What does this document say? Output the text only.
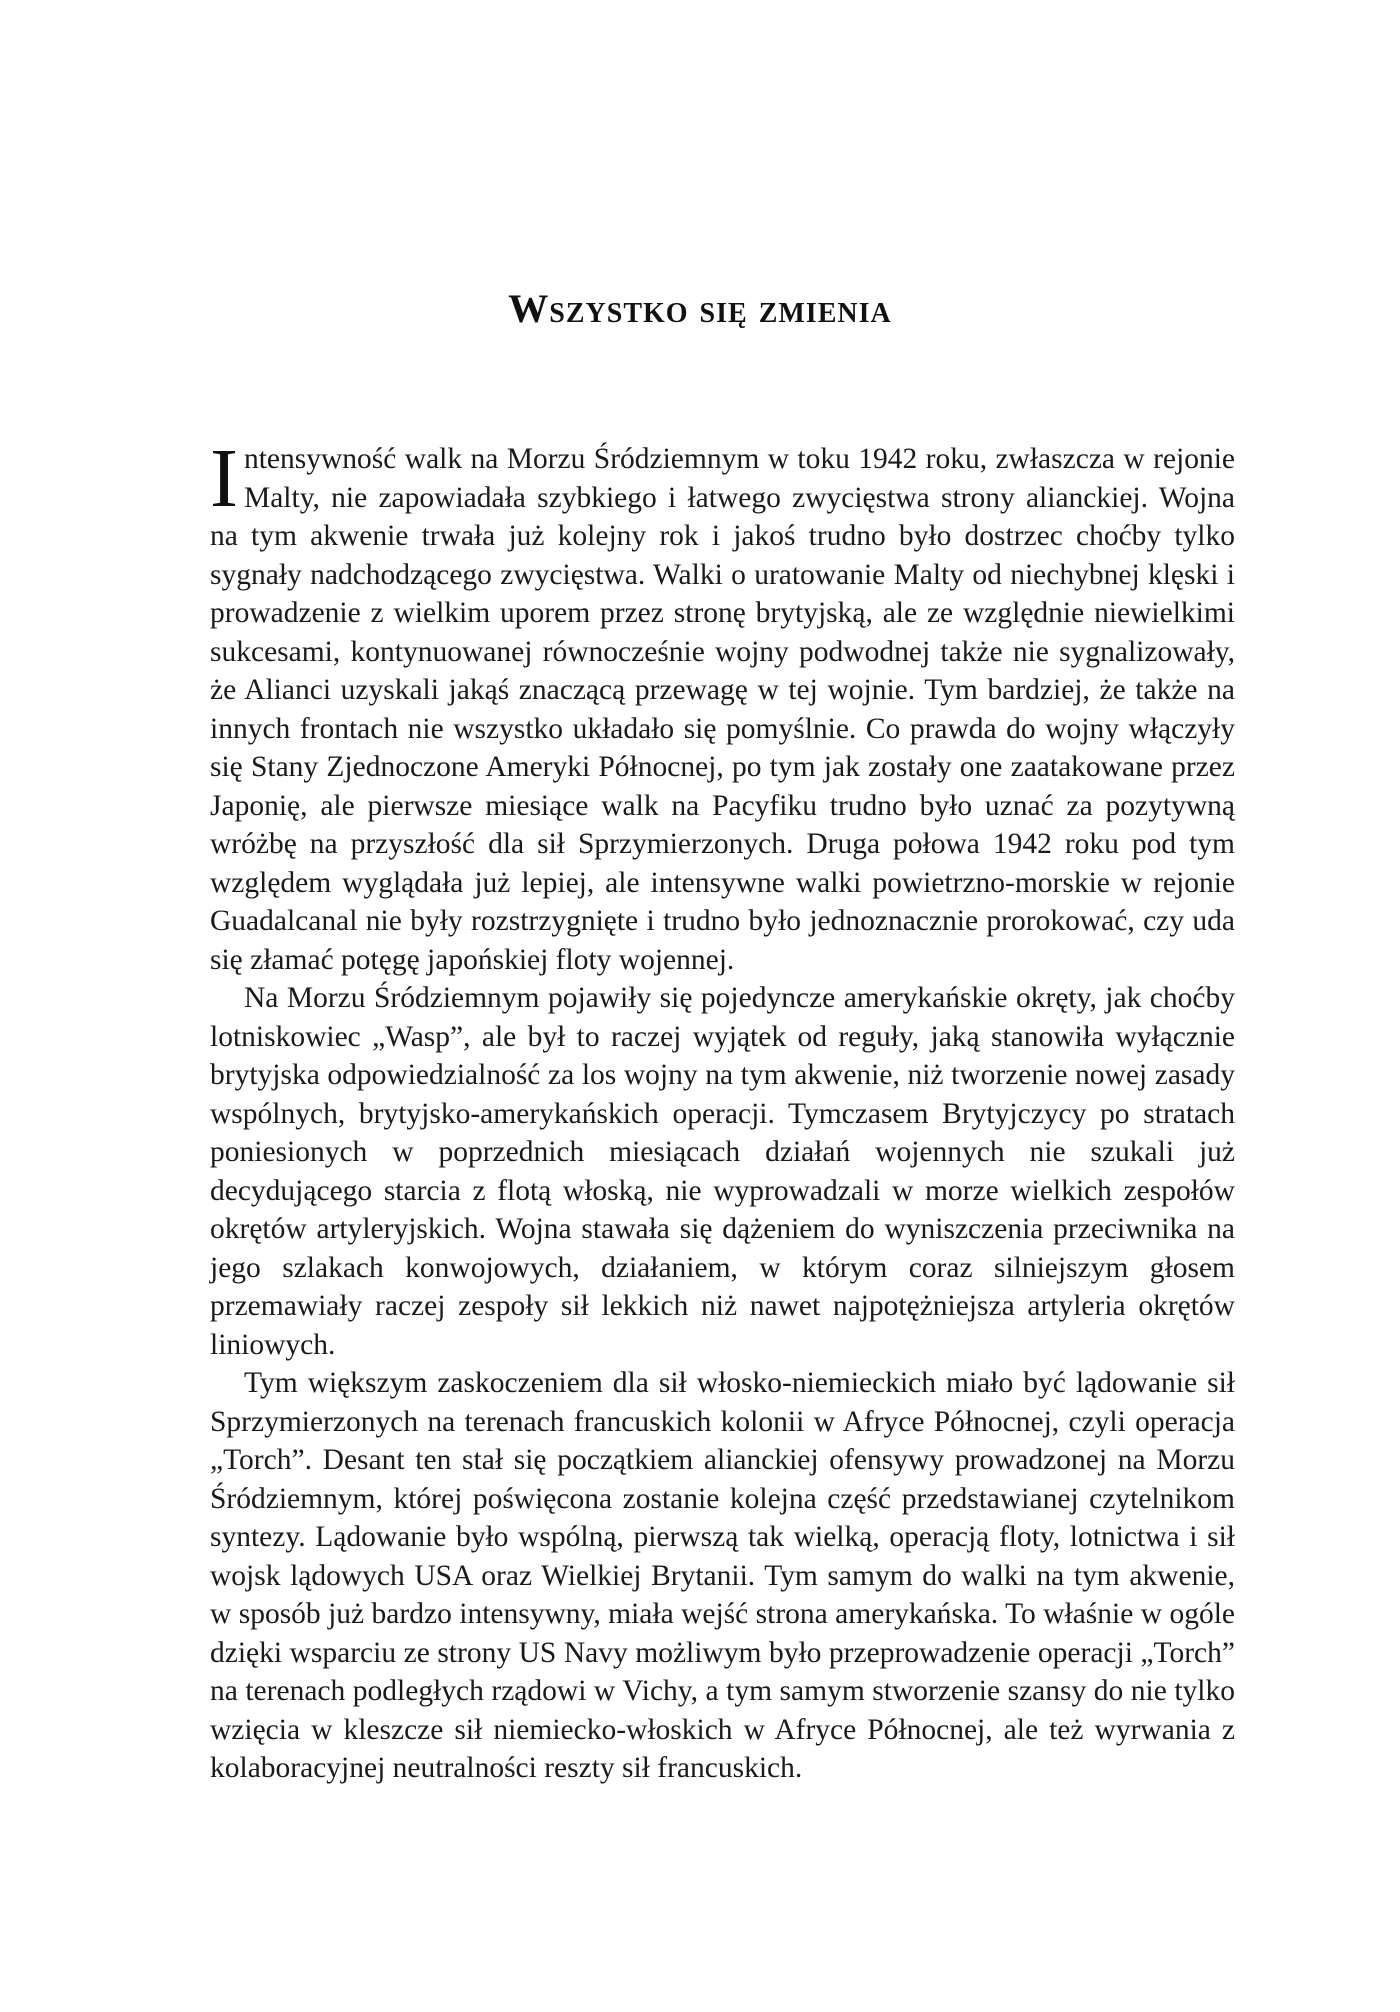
Wszystko się zmienia

Intensywność walk na Morzu Śródziemnym w toku 1942 roku, zwłaszcza w rejonie Malty, nie zapowiadała szybkiego i łatwego zwycięstwa strony alianckiej. Wojna na tym akwenie trwała już kolejny rok i jakoś trudno było dostrzec choćby tylko sygnały nadchodzącego zwycięstwa. Walki o uratowanie Malty od niechybnej klęski i prowadzenie z wielkim uporem przez stronę brytyjską, ale ze względnie niewielkimi sukcesami, kontynuowanej równocześnie wojny podwodnej także nie sygnalizowały, że Alianci uzyskali jakąś znaczącą przewagę w tej wojnie. Tym bardziej, że także na innych frontach nie wszystko układało się pomyślnie. Co prawda do wojny włączyły się Stany Zjednoczone Ameryki Północnej, po tym jak zostały one zaatakowane przez Japonię, ale pierwsze miesiące walk na Pacyfiku trudno było uznać za pozytywną wróżbę na przyszłość dla sił Sprzymierzonych. Druga połowa 1942 roku pod tym względem wyglądała już lepiej, ale intensywne walki powietrzno-morskie w rejonie Guadalcanal nie były rozstrzygnięte i trudno było jednoznacznie prorokować, czy uda się złamać potęgę japońskiej floty wojennej.

Na Morzu Śródziemnym pojawiły się pojedyncze amerykańskie okręty, jak choćby lotniskowiec „Wasp”, ale był to raczej wyjątek od reguły, jaką stanowiła wyłącznie brytyjska odpowiedzialność za los wojny na tym akwenie, niż tworzenie nowej zasady wspólnych, brytyjsko-amerykańskich operacji. Tymczasem Brytyjczycy po stratach poniesionych w poprzednich miesiącach działań wojennych nie szukali już decydującego starcia z flotą włoską, nie wyprowadzali w morze wielkich zespołów okrętów artyleryjskich. Wojna stawała się dążeniem do wyniszczenia przeciwnika na jego szlakach konwojowych, działaniem, w którym coraz silniejszym głosem przemawiały raczej zespoły sił lekkich niż nawet najpotężniejsza artyleria okrętów liniowych.

Tym większym zaskoczeniem dla sił włosko-niemieckich miało być lądowanie sił Sprzymierzonych na terenach francuskich kolonii w Afryce Północnej, czyli operacja „Torch”. Desant ten stał się początkiem alianckiej ofensywy prowadzonej na Morzu Śródziemnym, której poświęcona zostanie kolejna część przedstawianej czytelnikom syntezy. Lądowanie było wspólną, pierwszą tak wielką, operacją floty, lotnictwa i sił wojsk lądowych USA oraz Wielkiej Brytanii. Tym samym do walki na tym akwenie, w sposób już bardzo intensywny, miała wejść strona amerykańska. To właśnie w ogóle dzięki wsparciu ze strony US Navy możliwym było przeprowadzenie operacji „Torch” na terenach podległych rządowi w Vichy, a tym samym stworzenie szansy do nie tylko wzięcia w kleszcze sił niemiecko-włoskich w Afryce Północnej, ale też wyrwania z kolaboracyjnej neutralności reszty sił francuskich.
